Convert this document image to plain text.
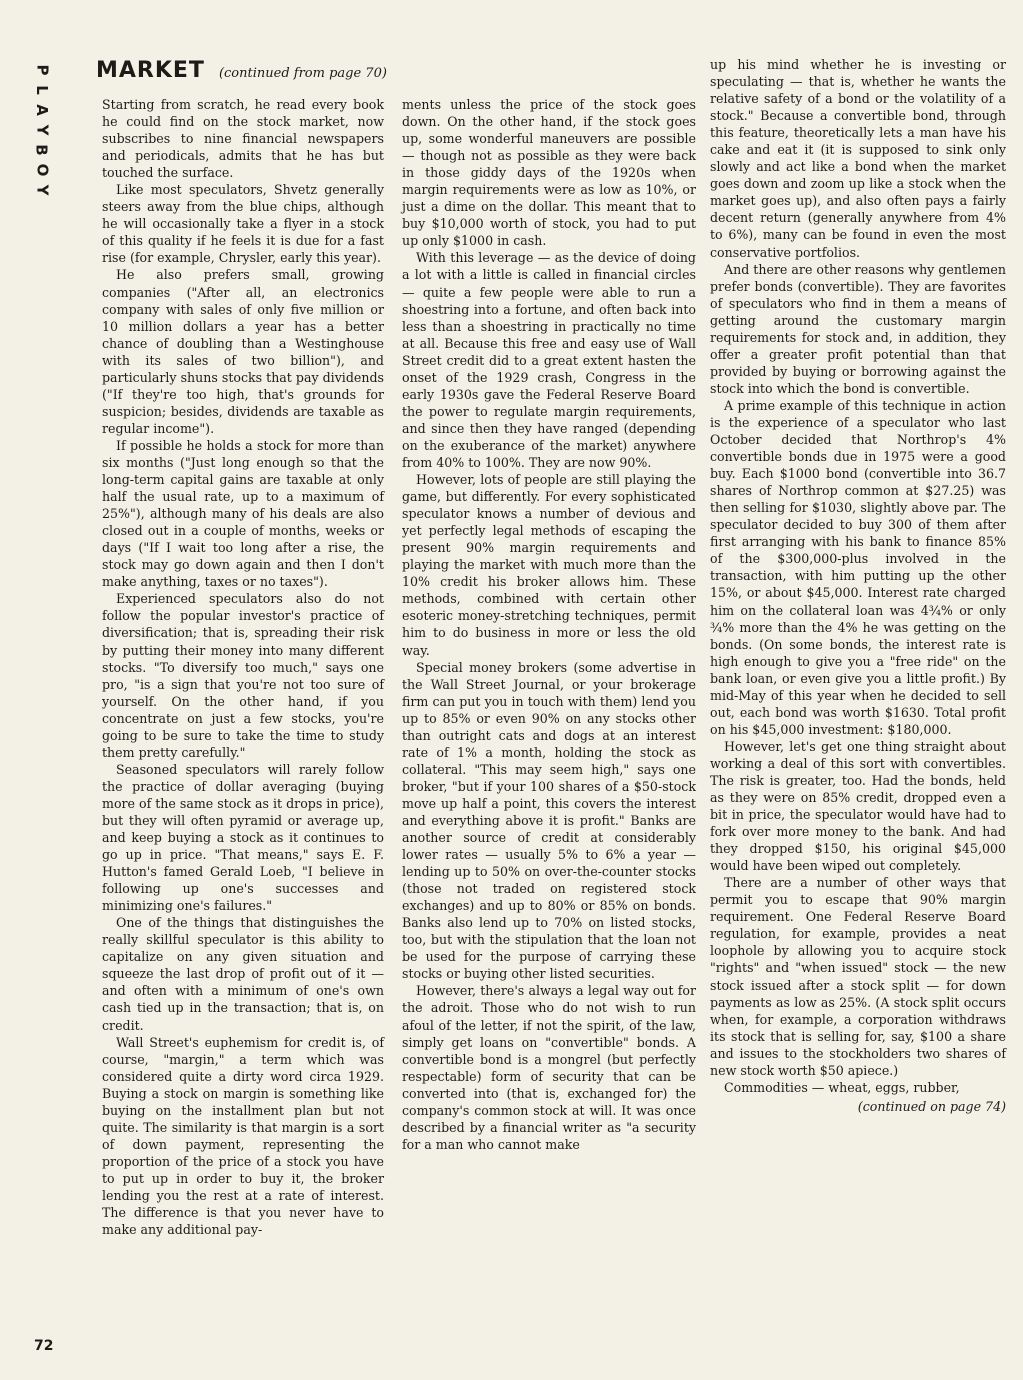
P
L
A
Y
B
O
Y
MARKET (continued from page 70)

Starting from scratch, he read every book he could find on the stock market, now subscribes to nine financial newspapers and periodicals, admits that he has but touched the surface.

Like most speculators, Shvetz generally steers away from the blue chips, although he will occasionally take a flyer in a stock of this quality if he feels it is due for a fast rise (for example, Chrysler, early this year).

He also prefers small, growing companies ("After all, an electronics company with sales of only five million or 10 million dollars a year has a better chance of doubling than a Westinghouse with its sales of two billion"), and particularly shuns stocks that pay dividends ("If they're too high, that's grounds for suspicion; besides, dividends are taxable as regular income").

If possible he holds a stock for more than six months ("Just long enough so that the long-term capital gains are taxable at only half the usual rate, up to a maximum of 25%"), although many of his deals are also closed out in a couple of months, weeks or days ("If I wait too long after a rise, the stock may go down again and then I don't make anything, taxes or no taxes").

Experienced speculators also do not follow the popular investor's practice of diversification; that is, spreading their risk by putting their money into many different stocks. "To diversify too much," says one pro, "is a sign that you're not too sure of yourself. On the other hand, if you concentrate on just a few stocks, you're going to be sure to take the time to study them pretty carefully."

Seasoned speculators will rarely follow the practice of dollar averaging (buying more of the same stock as it drops in price), but they will often pyramid or average up, and keep buying a stock as it continues to go up in price. "That means," says E. F. Hutton's famed Gerald Loeb, "I believe in following up one's successes and minimizing one's failures."

One of the things that distinguishes the really skillful speculator is this ability to capitalize on any given situation and squeeze the last drop of profit out of it — and often with a minimum of one's own cash tied up in the transaction; that is, on credit.

Wall Street's euphemism for credit is, of course, "margin," a term which was considered quite a dirty word circa 1929. Buying a stock on margin is something like buying on the installment plan but not quite. The similarity is that margin is a sort of down payment, representing the proportion of the price of a stock you have to put up in order to buy it, the broker lending you the rest at a rate of interest. The difference is that you never have to make any additional pay-

ments unless the price of the stock goes down. On the other hand, if the stock goes up, some wonderful maneuvers are possible — though not as possible as they were back in those giddy days of the 1920s when margin requirements were as low as 10%, or just a dime on the dollar. This meant that to buy $10,000 worth of stock, you had to put up only $1000 in cash.

With this leverage — as the device of doing a lot with a little is called in financial circles — quite a few people were able to run a shoestring into a fortune, and often back into less than a shoestring in practically no time at all. Because this free and easy use of Wall Street credit did to a great extent hasten the onset of the 1929 crash, Congress in the early 1930s gave the Federal Reserve Board the power to regulate margin requirements, and since then they have ranged (depending on the exuberance of the market) anywhere from 40% to 100%. They are now 90%.

However, lots of people are still playing the game, but differently. For every sophisticated speculator knows a number of devious and yet perfectly legal methods of escaping the present 90% margin requirements and playing the market with much more than the 10% credit his broker allows him. These methods, combined with certain other esoteric money-stretching techniques, permit him to do business in more or less the old way.

Special money brokers (some advertise in the Wall Street Journal, or your brokerage firm can put you in touch with them) lend you up to 85% or even 90% on any stocks other than outright cats and dogs at an interest rate of 1% a month, holding the stock as collateral. "This may seem high," says one broker, "but if your 100 shares of a $50-stock move up half a point, this covers the interest and everything above it is profit." Banks are another source of credit at considerably lower rates — usually 5% to 6% a year — lending up to 50% on over-the-counter stocks (those not traded on registered stock exchanges) and up to 80% or 85% on bonds. Banks also lend up to 70% on listed stocks, too, but with the stipulation that the loan not be used for the purpose of carrying these stocks or buying other listed securities.

However, there's always a legal way out for the adroit. Those who do not wish to run afoul of the letter, if not the spirit, of the law, simply get loans on "convertible" bonds. A convertible bond is a mongrel (but perfectly respectable) form of security that can be converted into (that is, exchanged for) the company's common stock at will. It was once described by a financial writer as "a security for a man who cannot make

up his mind whether he is investing or speculating — that is, whether he wants the relative safety of a bond or the volatility of a stock." Because a convertible bond, through this feature, theoretically lets a man have his cake and eat it (it is supposed to sink only slowly and act like a bond when the market goes down and zoom up like a stock when the market goes up), and also often pays a fairly decent return (generally anywhere from 4% to 6%), many can be found in even the most conservative portfolios.

And there are other reasons why gentlemen prefer bonds (convertible). They are favorites of speculators who find in them a means of getting around the customary margin requirements for stock and, in addition, they offer a greater profit potential than that provided by buying or borrowing against the stock into which the bond is convertible.

A prime example of this technique in action is the experience of a speculator who last October decided that Northrop's 4% convertible bonds due in 1975 were a good buy. Each $1000 bond (convertible into 36.7 shares of Northrop common at $27.25) was then selling for $1030, slightly above par. The speculator decided to buy 300 of them after first arranging with his bank to finance 85% of the $300,000-plus involved in the transaction, with him putting up the other 15%, or about $45,000. Interest rate charged him on the collateral loan was 4¾% or only ¾% more than the 4% he was getting on the bonds. (On some bonds, the interest rate is high enough to give you a "free ride" on the bank loan, or even give you a little profit.) By mid-May of this year when he decided to sell out, each bond was worth $1630. Total profit on his $45,000 investment: $180,000.

However, let's get one thing straight about working a deal of this sort with convertibles. The risk is greater, too. Had the bonds, held as they were on 85% credit, dropped even a bit in price, the speculator would have had to fork over more money to the bank. And had they dropped $150, his original $45,000 would have been wiped out completely.

There are a number of other ways that permit you to escape that 90% margin requirement. One Federal Reserve Board regulation, for example, provides a neat loophole by allowing you to acquire stock "rights" and "when issued" stock — the new stock issued after a stock split — for down payments as low as 25%. (A stock split occurs when, for example, a corporation withdraws its stock that is selling for, say, $100 a share and issues to the stockholders two shares of new stock worth $50 apiece.)

Commodities — wheat, eggs, rubber,

(continued on page 74)
72
